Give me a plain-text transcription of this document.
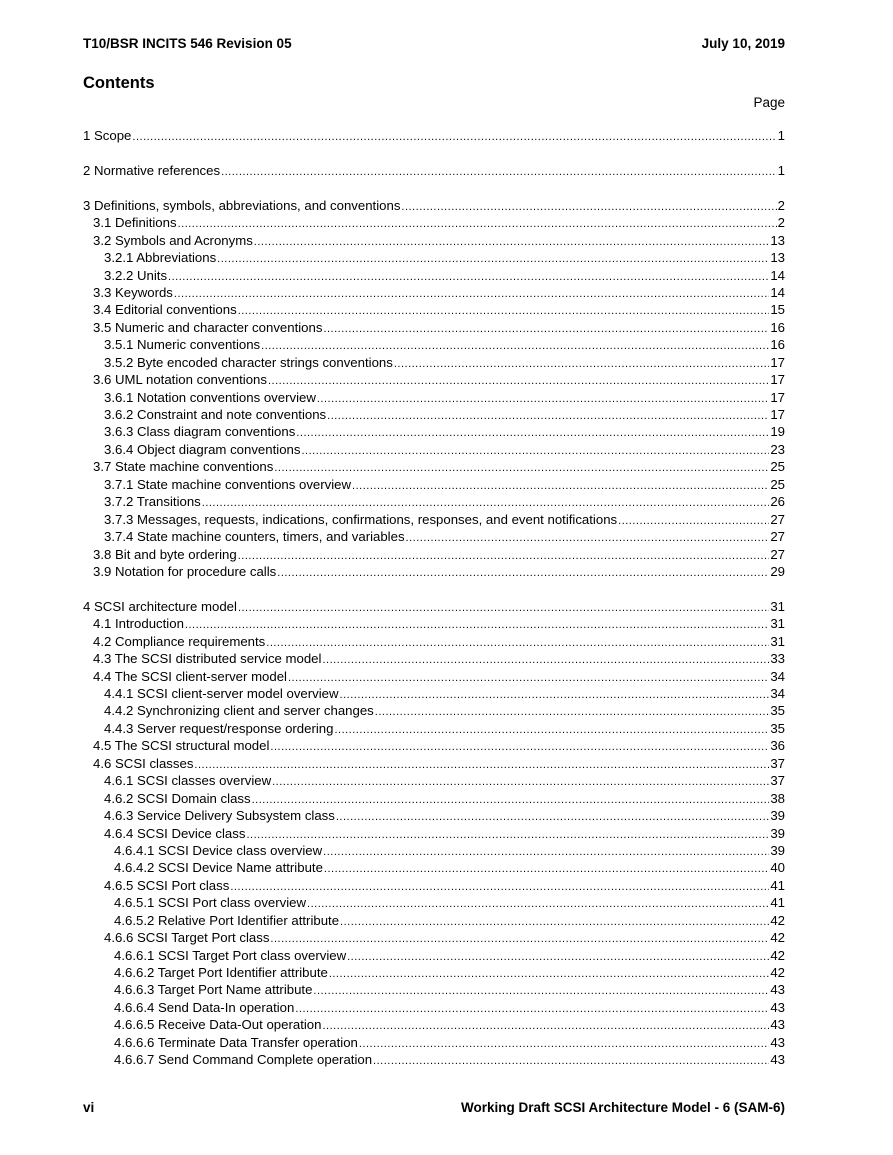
T10/BSR INCITS 546 Revision 05	July 10, 2019
Contents
Page
1 Scope .....	1
2 Normative references .....	1
3 Definitions, symbols, abbreviations, and conventions .....	2
3.1 Definitions .....	2
3.2 Symbols and Acronyms .....	13
3.2.1 Abbreviations .....	13
3.2.2 Units .....	14
3.3 Keywords .....	14
3.4 Editorial conventions .....	15
3.5 Numeric and character conventions .....	16
3.5.1 Numeric conventions .....	16
3.5.2 Byte encoded character strings conventions .....	17
3.6 UML notation conventions .....	17
3.6.1 Notation conventions overview .....	17
3.6.2 Constraint and note conventions .....	17
3.6.3 Class diagram conventions .....	19
3.6.4 Object diagram conventions .....	23
3.7 State machine conventions .....	25
3.7.1 State machine conventions overview .....	25
3.7.2 Transitions .....	26
3.7.3 Messages, requests, indications, confirmations, responses, and event notifications .....	27
3.7.4 State machine counters, timers, and variables .....	27
3.8 Bit and byte ordering .....	27
3.9 Notation for procedure calls .....	29
4 SCSI architecture model .....	31
4.1 Introduction .....	31
4.2 Compliance requirements .....	31
4.3 The SCSI distributed service model .....	33
4.4 The SCSI client-server model .....	34
4.4.1 SCSI client-server model overview .....	34
4.4.2 Synchronizing client and server changes .....	35
4.4.3 Server request/response ordering .....	35
4.5 The SCSI structural model .....	36
4.6 SCSI classes .....	37
4.6.1 SCSI classes overview .....	37
4.6.2 SCSI Domain class .....	38
4.6.3 Service Delivery Subsystem class .....	39
4.6.4 SCSI Device class .....	39
4.6.4.1 SCSI Device class overview .....	39
4.6.4.2 SCSI Device Name attribute .....	40
4.6.5 SCSI Port class .....	41
4.6.5.1 SCSI Port class overview .....	41
4.6.5.2 Relative Port Identifier attribute .....	42
4.6.6 SCSI Target Port class .....	42
4.6.6.1 SCSI Target Port class overview .....	42
4.6.6.2 Target Port Identifier attribute .....	42
4.6.6.3 Target Port Name attribute .....	43
4.6.6.4 Send Data-In operation .....	43
4.6.6.5 Receive Data-Out operation .....	43
4.6.6.6 Terminate Data Transfer operation .....	43
4.6.6.7 Send Command Complete operation .....	43
vi	Working Draft SCSI Architecture Model - 6 (SAM-6)
